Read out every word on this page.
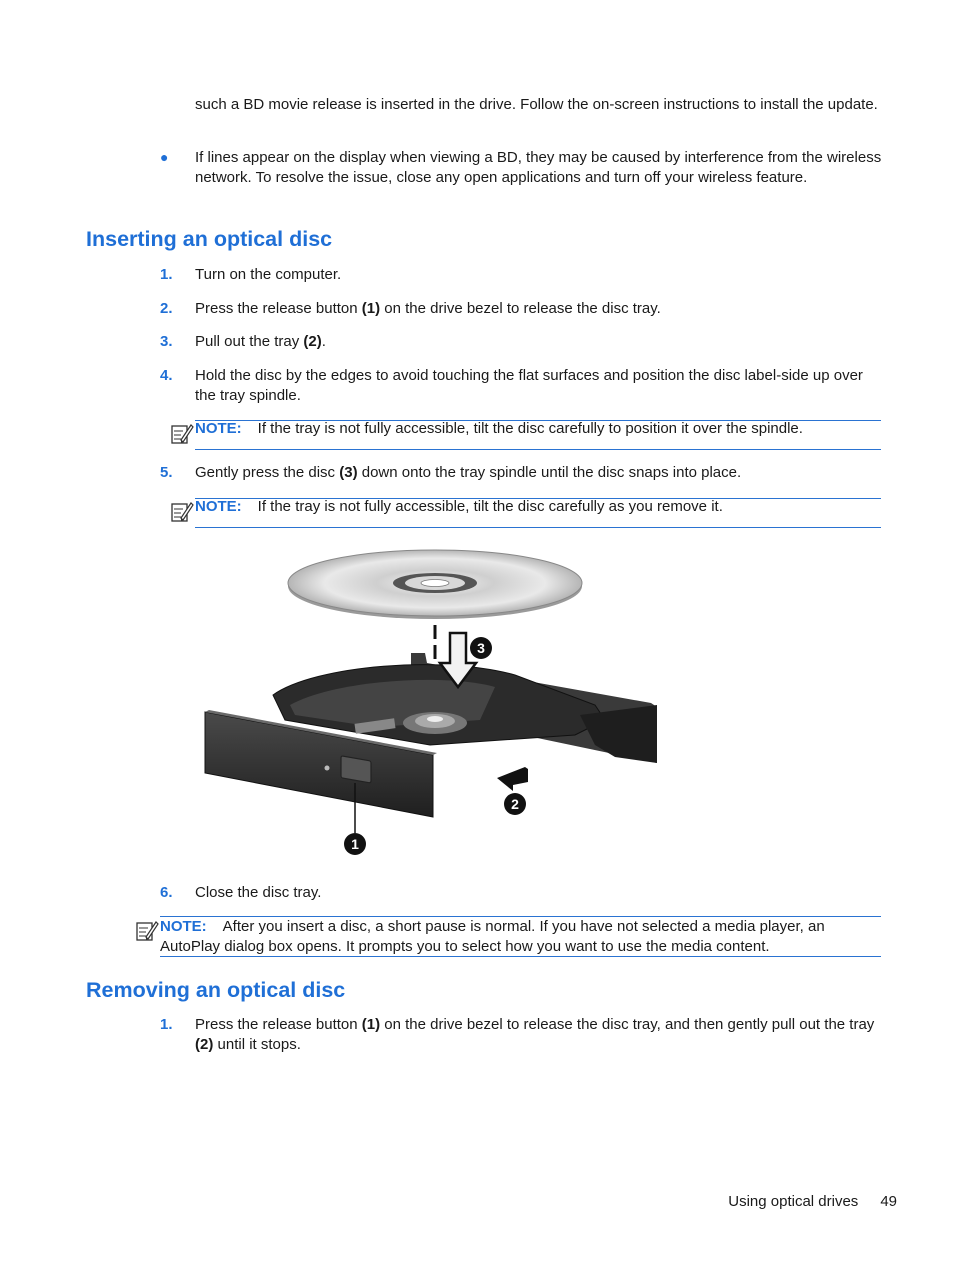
such a BD movie release is inserted in the drive. Follow the on-screen instructions to install the update.
● If lines appear on the display when viewing a BD, they may be caused by interference from the wireless network. To resolve the issue, close any open applications and turn off your wireless feature.
Inserting an optical disc
1. Turn on the computer.
2. Press the release button (1) on the drive bezel to release the disc tray.
3. Pull out the tray (2).
4. Hold the disc by the edges to avoid touching the flat surfaces and position the disc label-side up over the tray spindle.
NOTE: If the tray is not fully accessible, tilt the disc carefully to position it over the spindle.
5. Gently press the disc (3) down onto the tray spindle until the disc snaps into place.
NOTE: If the tray is not fully accessible, tilt the disc carefully as you remove it.
1
2
3
6. Close the disc tray.
NOTE: After you insert a disc, a short pause is normal. If you have not selected a media player, an AutoPlay dialog box opens. It prompts you to select how you want to use the media content.
Removing an optical disc
1. Press the release button (1) on the drive bezel to release the disc tray, and then gently pull out the tray (2) until it stops.
Using optical drives 49
